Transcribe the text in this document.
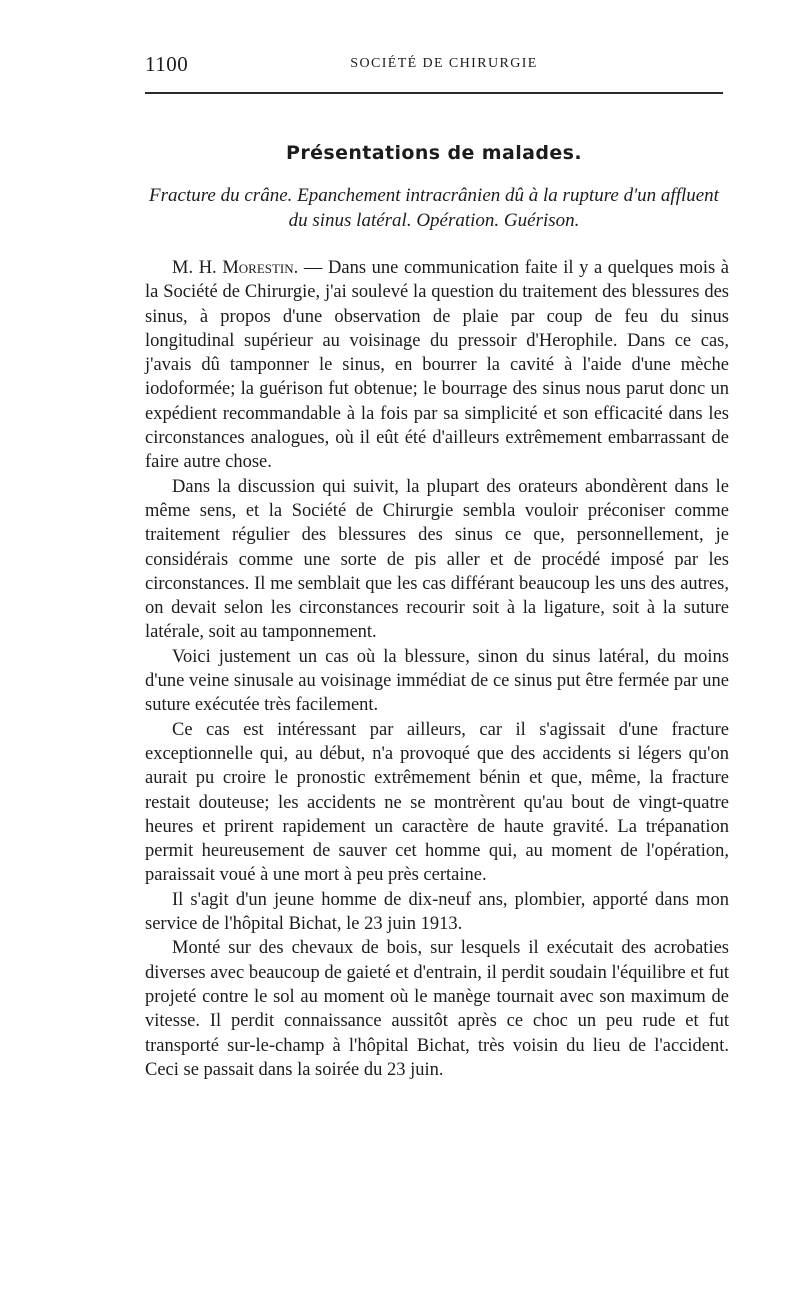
1100	SOCIÉTÉ DE CHIRURGIE
Présentations de malades.
Fracture du crâne. Epanchement intracrânien dû à la rupture d'un affluent du sinus latéral. Opération. Guérison.

M. H. Morestin. — Dans une communication faite il y a quelques mois à la Société de Chirurgie, j'ai soulevé la question du traitement des blessures des sinus, à propos d'une observation de plaie par coup de feu du sinus longitudinal supérieur au voisinage du pressoir d'Herophile. Dans ce cas, j'avais dû tamponner le sinus, en bourrer la cavité à l'aide d'une mèche iodoformée; la guérison fut obtenue; le bourrage des sinus nous parut donc un expédient recommandable à la fois par sa simplicité et son efficacité dans les circonstances analogues, où il eût été d'ailleurs extrêmement embarrassant de faire autre chose.

Dans la discussion qui suivit, la plupart des orateurs abondèrent dans le même sens, et la Société de Chirurgie sembla vouloir préconiser comme traitement régulier des blessures des sinus ce que, personnellement, je considérais comme une sorte de pis aller et de procédé imposé par les circonstances. Il me semblait que les cas différant beaucoup les uns des autres, on devait selon les circonstances recourir soit à la ligature, soit à la suture latérale, soit au tamponnement.

Voici justement un cas où la blessure, sinon du sinus latéral, du moins d'une veine sinusale au voisinage immédiat de ce sinus put être fermée par une suture exécutée très facilement.

Ce cas est intéressant par ailleurs, car il s'agissait d'une fracture exceptionnelle qui, au début, n'a provoqué que des accidents si légers qu'on aurait pu croire le pronostic extrêmement bénin et que, même, la fracture restait douteuse; les accidents ne se montrèrent qu'au bout de vingt-quatre heures et prirent rapidement un caractère de haute gravité. La trépanation permit heureusement de sauver cet homme qui, au moment de l'opération, paraissait voué à une mort à peu près certaine.

Il s'agit d'un jeune homme de dix-neuf ans, plombier, apporté dans mon service de l'hôpital Bichat, le 23 juin 1913.

Monté sur des chevaux de bois, sur lesquels il exécutait des acrobaties diverses avec beaucoup de gaieté et d'entrain, il perdit soudain l'équilibre et fut projeté contre le sol au moment où le manège tournait avec son maximum de vitesse. Il perdit connaissance aussitôt après ce choc un peu rude et fut transporté sur-le-champ à l'hôpital Bichat, très voisin du lieu de l'accident. Ceci se passait dans la soirée du 23 juin.
